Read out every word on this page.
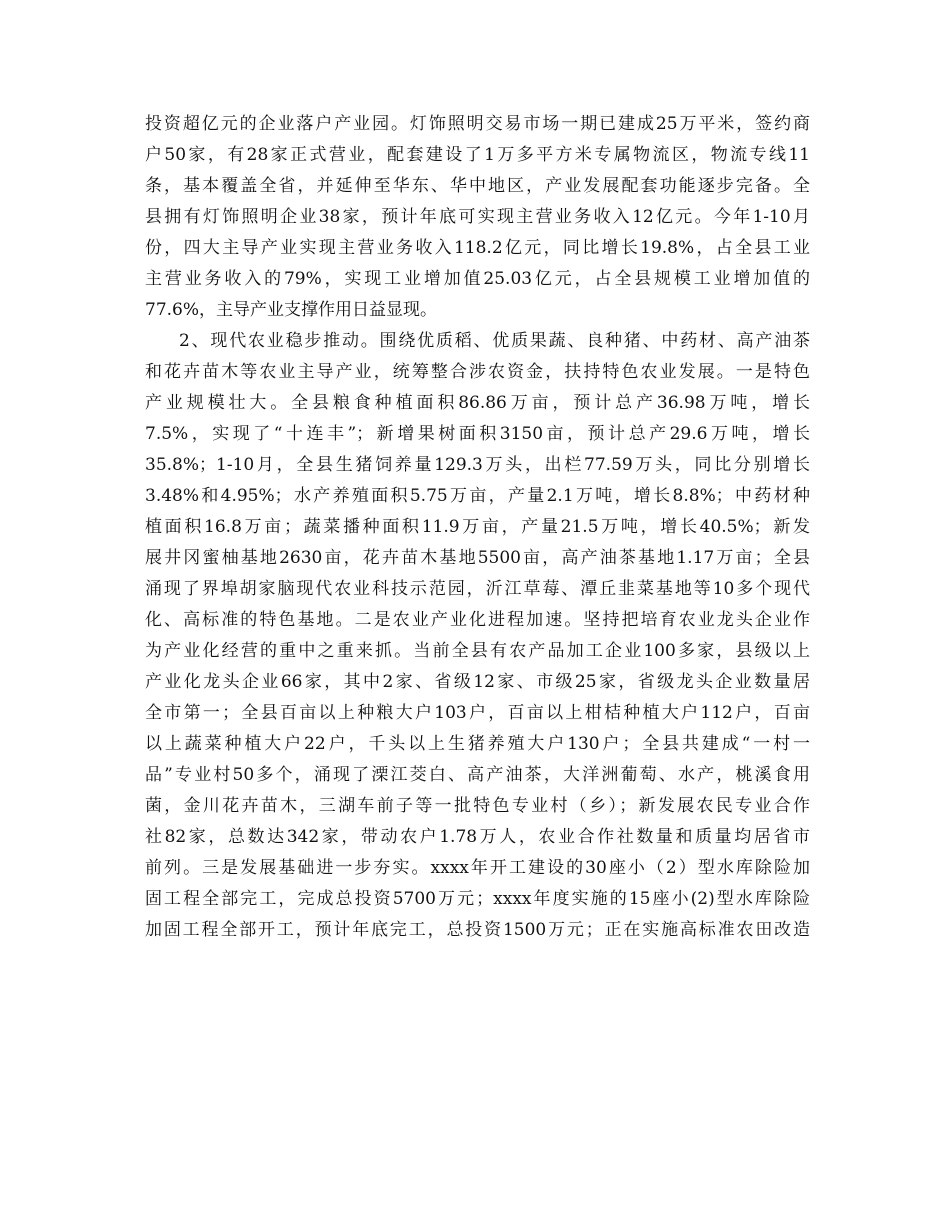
投资超亿元的企业落户产业园。灯饰照明交易市场一期已建成25万平米，签约商
户50家，有28家正式营业，配套建设了1万多平方米专属物流区，物流专线11
条，基本覆盖全省，并延伸至华东、华中地区，产业发展配套功能逐步完备。全
县拥有灯饰照明企业38家，预计年底可实现主营业务收入12亿元。今年1-10月
份，四大主导产业实现主营业务收入118.2亿元，同比增长19.8%，占全县工业
主营业务收入的79%，实现工业增加值25.03亿元，占全县规模工业增加值的
77.6%，主导产业支撑作用日益显现。
2、现代农业稳步推动。围绕优质稻、优质果蔬、良种猪、中药材、高产油茶
和花卉苗木等农业主导产业，统筹整合涉农资金，扶持特色农业发展。一是特色
产业规模壮大。全县粮食种植面积86.86万亩，预计总产36.98万吨，增长
7.5%，实现了“十连丰”；新增果树面积3150亩，预计总产29.6万吨，增长
35.8%；1-10月，全县生猪饲养量129.3万头，出栏77.59万头，同比分别增长
3.48%和4.95%；水产养殖面积5.75万亩，产量2.1万吨，增长8.8%；中药材种
植面积16.8万亩；蔬菜播种面积11.9万亩，产量21.5万吨，增长40.5%；新发
展井冈蜜柚基地2630亩，花卉苗木基地5500亩，高产油茶基地1.17万亩；全县
涌现了界埠胡家脑现代农业科技示范园，沂江草莓、潭丘韭菜基地等10多个现代
化、高标准的特色基地。二是农业产业化进程加速。坚持把培育农业龙头企业作
为产业化经营的重中之重来抓。当前全县有农产品加工企业100多家，县级以上
产业化龙头企业66家，其中2家、省级12家、市级25家，省级龙头企业数量居
全市第一；全县百亩以上种粮大户103户，百亩以上柑桔种植大户112户，百亩
以上蔬菜种植大户22户，千头以上生猪养殖大户130户；全县共建成“一村一
品”专业村50多个，涌现了溧江茭白、高产油茶，大洋洲葡萄、水产，桃溪食用
菌，金川花卉苗木，三湖车前子等一批特色专业村（乡）；新发展农民专业合作
社82家，总数达342家，带动农户1.78万人，农业合作社数量和质量均居省市
前列。三是发展基础进一步夯实。xxxx年开工建设的30座小（2）型水库除险加
固工程全部完工，完成总投资5700万元；xxxx年度实施的15座小(2)型水库除险
加固工程全部开工，预计年底完工，总投资1500万元；正在实施高标准农田改造
